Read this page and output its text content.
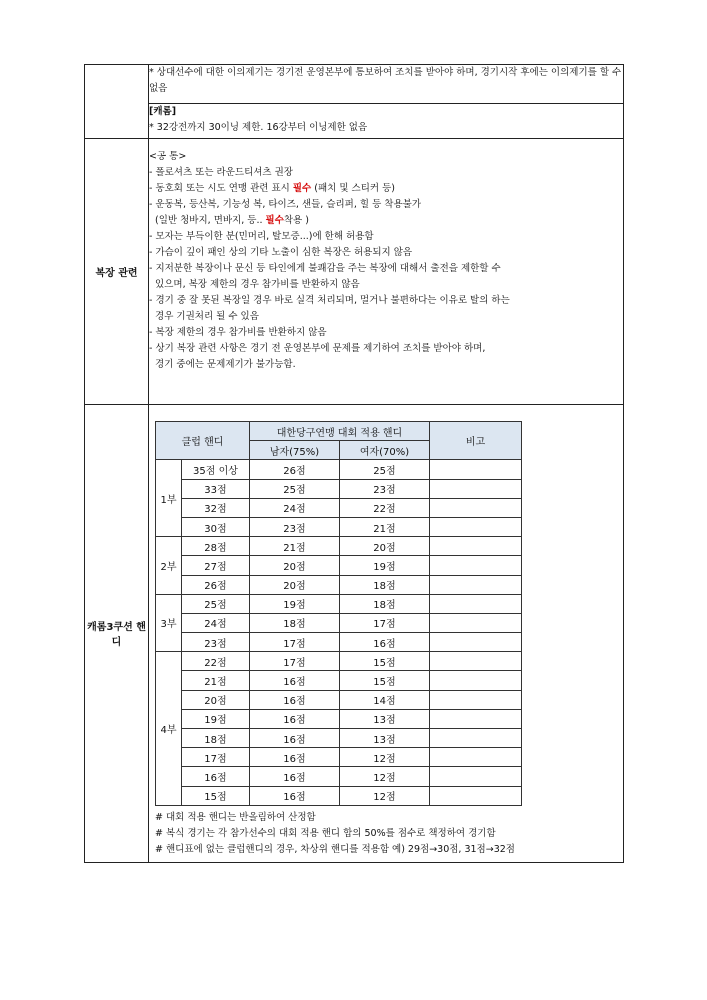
* 상대선수에 대한 이의제기는 경기전 운영본부에 통보하여 조치를 받아야 하며, 경기시작 후에는 이의제기를 할 수 없음

[캐롬]
* 32강전까지 30이닝 제한. 16강부터 이닝제한 없음

복장 관련	
<공 통>
- 폴로셔츠 또는 라운드티셔츠 권장
- 동호회 또는 시도 연맹 관련 표시 필수 (패치 및 스티커 등)
- 운동복, 등산복, 기능성 복, 타이즈, 샌들, 슬리퍼, 힐 등 착용불가
(일반 청바지, 면바지, 등.. 필수착용 )
- 모자는 부득이한 분(민머리, 탈모증...)에 한해 허용함
- 가슴이 깊이 패인 상의 기타 노출이 심한 복장은 허용되지 않음
- 지저분한 복장이나 문신 등 타인에게 불쾌감을 주는 복장에 대해서 출전을 제한할 수
있으며, 복장 제한의 경우 참가비를 반환하지 않음
- 경기 중 잘 못된 복장일 경우 바로 실격 처리되며, 멀거나 불편하다는 이유로 탈의 하는
경우 기권처리 될 수 있음
- 복장 제한의 경우 참가비를 반환하지 않음
- 상기 복장 관련 사항은 경기 전 운영본부에 문제를 제기하여 조치를 받아야 하며,
경기 중에는 문제제기가 불가능함.

캐롬3쿠션 핸디	
클럽 핸디	대한당구연맹 대회 적용 핸디	비고
남자(75%)	여자(70%)
1부	35점 이상	26점	25점	
33점	25점	23점	
32점	24점	22점	
30점	23점	21점	
2부	28점	21점	20점	
27점	20점	19점	
26점	20점	18점	
3부	25점	19점	18점	
24점	18점	17점	
23점	17점	16점	
4부	22점	17점	15점	
21점	16점	15점	
20점	16점	14점	
19점	16점	13점	
18점	16점	13점	
17점	16점	12점	
16점	16점	12점	
15점	16점	12점	
# 대회 적용 핸디는 반올림하여 산정함
# 복식 경기는 각 참가선수의 대회 적용 핸디 합의 50%를 점수로 책정하여 경기함
# 핸디표에 없는 클럽핸디의 경우, 차상위 핸디를 적용함 예) 29점→30점, 31점→32점
